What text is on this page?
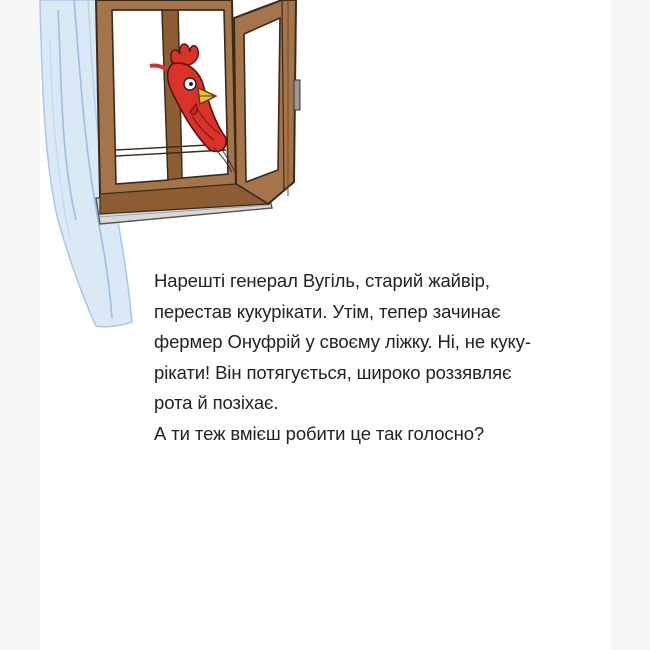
Нарешті генерал Вугіль, старий жайвір,
перестав кукурікати. Утім, тепер зачинає
фермер Онуфрій у своєму ліжку. Ні, не куку-
рікати! Він потягується, широко роззявляє
рота й позіхає.
А ти теж вмієш робити це так голосно?
